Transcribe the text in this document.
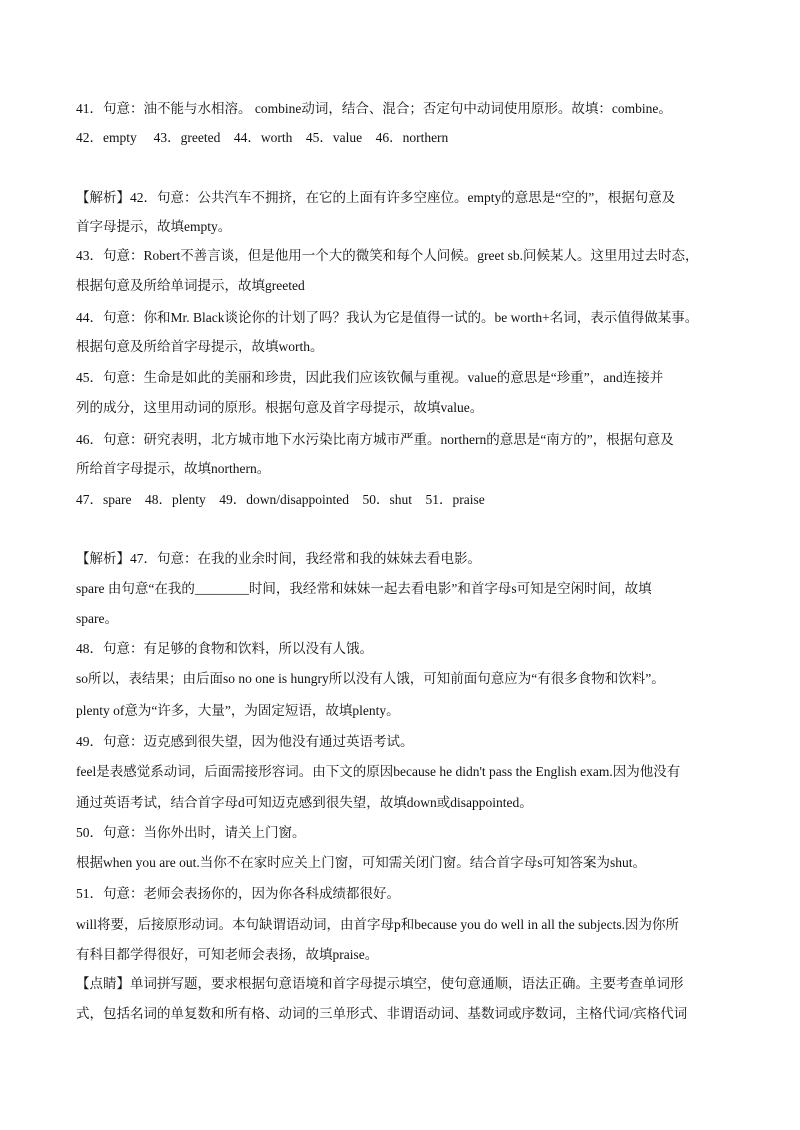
41．句意：油不能与水相溶。 combine动词，结合、混合；否定句中动词使用原形。故填：combine。
42．empty　 43．greeted　44．worth　45．value　46．northern
【解析】42．句意：公共汽车不拥挤，在它的上面有许多空座位。empty的意思是“空的”，根据句意及
首字母提示，故填empty。
43．句意：Robert不善言谈，但是他用一个大的微笑和每个人问候。greet sb.问候某人。这里用过去时态，
根据句意及所给单词提示，故填greeted
44．句意：你和Mr. Black谈论你的计划了吗？我认为它是值得一试的。be worth+名词，表示值得做某事。
根据句意及所给首字母提示，故填worth。
45．句意：生命是如此的美丽和珍贵，因此我们应该钦佩与重视。value的意思是“珍重”，and连接并
列的成分，这里用动词的原形。根据句意及首字母提示，故填value。
46．句意：研究表明，北方城市地下水污染比南方城市严重。northern的意思是“南方的”，根据句意及
所给首字母提示，故填northern。
47．spare　48．plenty　49．down/disappointed　50．shut　51．praise
【解析】47．句意：在我的业余时间，我经常和我的妹妹去看电影。
spare 由句意“在我的________时间，我经常和妹妹一起去看电影”和首字母s可知是空闲时间，故填
spare。
48．句意：有足够的食物和饮料，所以没有人饿。
so所以，表结果；由后面so no one is hungry所以没有人饿，可知前面句意应为“有很多食物和饮料”。
plenty of意为“许多，大量”，为固定短语，故填plenty。
49．句意：迈克感到很失望，因为他没有通过英语考试。
feel是表感觉系动词，后面需接形容词。由下文的原因because he didn't pass the English exam.因为他没有
通过英语考试，结合首字母d可知迈克感到很失望，故填down或disappointed。
50．句意：当你外出时，请关上门窗。
根据when you are out.当你不在家时应关上门窗，可知需关闭门窗。结合首字母s可知答案为shut。
51．句意：老师会表扬你的，因为你各科成绩都很好。
will将要，后接原形动词。本句缺谓语动词，由首字母p和because you do well in all the subjects.因为你所
有科目都学得很好，可知老师会表扬，故填praise。
【点睛】单词拼写题，要求根据句意语境和首字母提示填空，使句意通顺，语法正确。主要考查单词形
式，包括名词的单复数和所有格、动词的三单形式、非谓语动词、基数词或序数词，主格代词/宾格代词
